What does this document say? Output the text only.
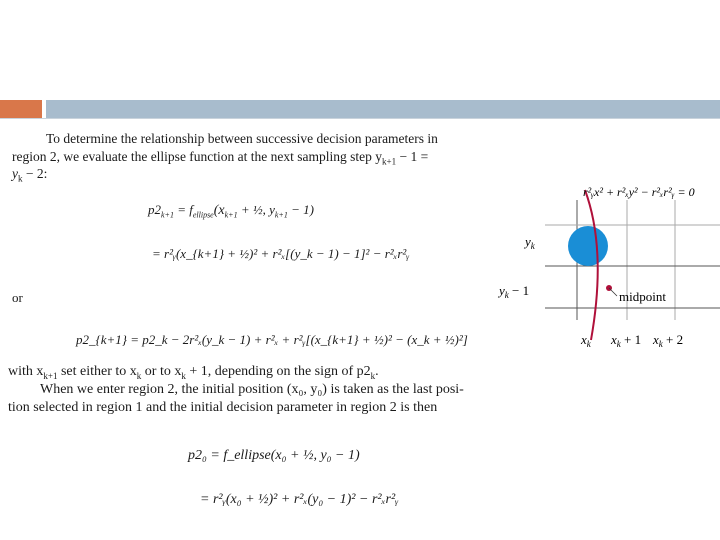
To determine the relationship between successive decision parameters in
region 2, we evaluate the ellipse function at the next sampling step $y_{k+1} - 1$ =
$y_k - 2$:
$p2_{k+1} = f_{ellipse}(x_{k+1}$ + ½, $y_{k+1} - 1$)
= r²ᵧ(x_{k+1} + ½)² + r²ₓ[(y_k − 1) − 1]² − r²ₓr²ᵧ
or
p2_{k+1} = p2_k − 2r²ₓ(y_k − 1) + r²ₓ + r²ᵧ[(x_{k+1} + ½)² − (x_k + ½)²]
with $x_{k+1}$ set either to $x_k$ or to $x_k + 1$, depending on the sign of $p2_k$.
When we enter region 2, the initial position (x₀, y₀) is taken as the last posi-
tion selected in region 1 and the initial decision parameter in region 2 is then
p2₀ = f_ellipse(x₀ + ½, y₀ − 1)
= r²ᵧ(x₀ + ½)² + r²ₓ(y₀ − 1)² − r²ₓr²ᵧ
midpoint
r²ᵧx² + r²ₓy² − r²ₓr²ᵧ = 0
$y_k$
$y_k - 1$
$x_k$ $x_k + 1$ $x_k + 2$
